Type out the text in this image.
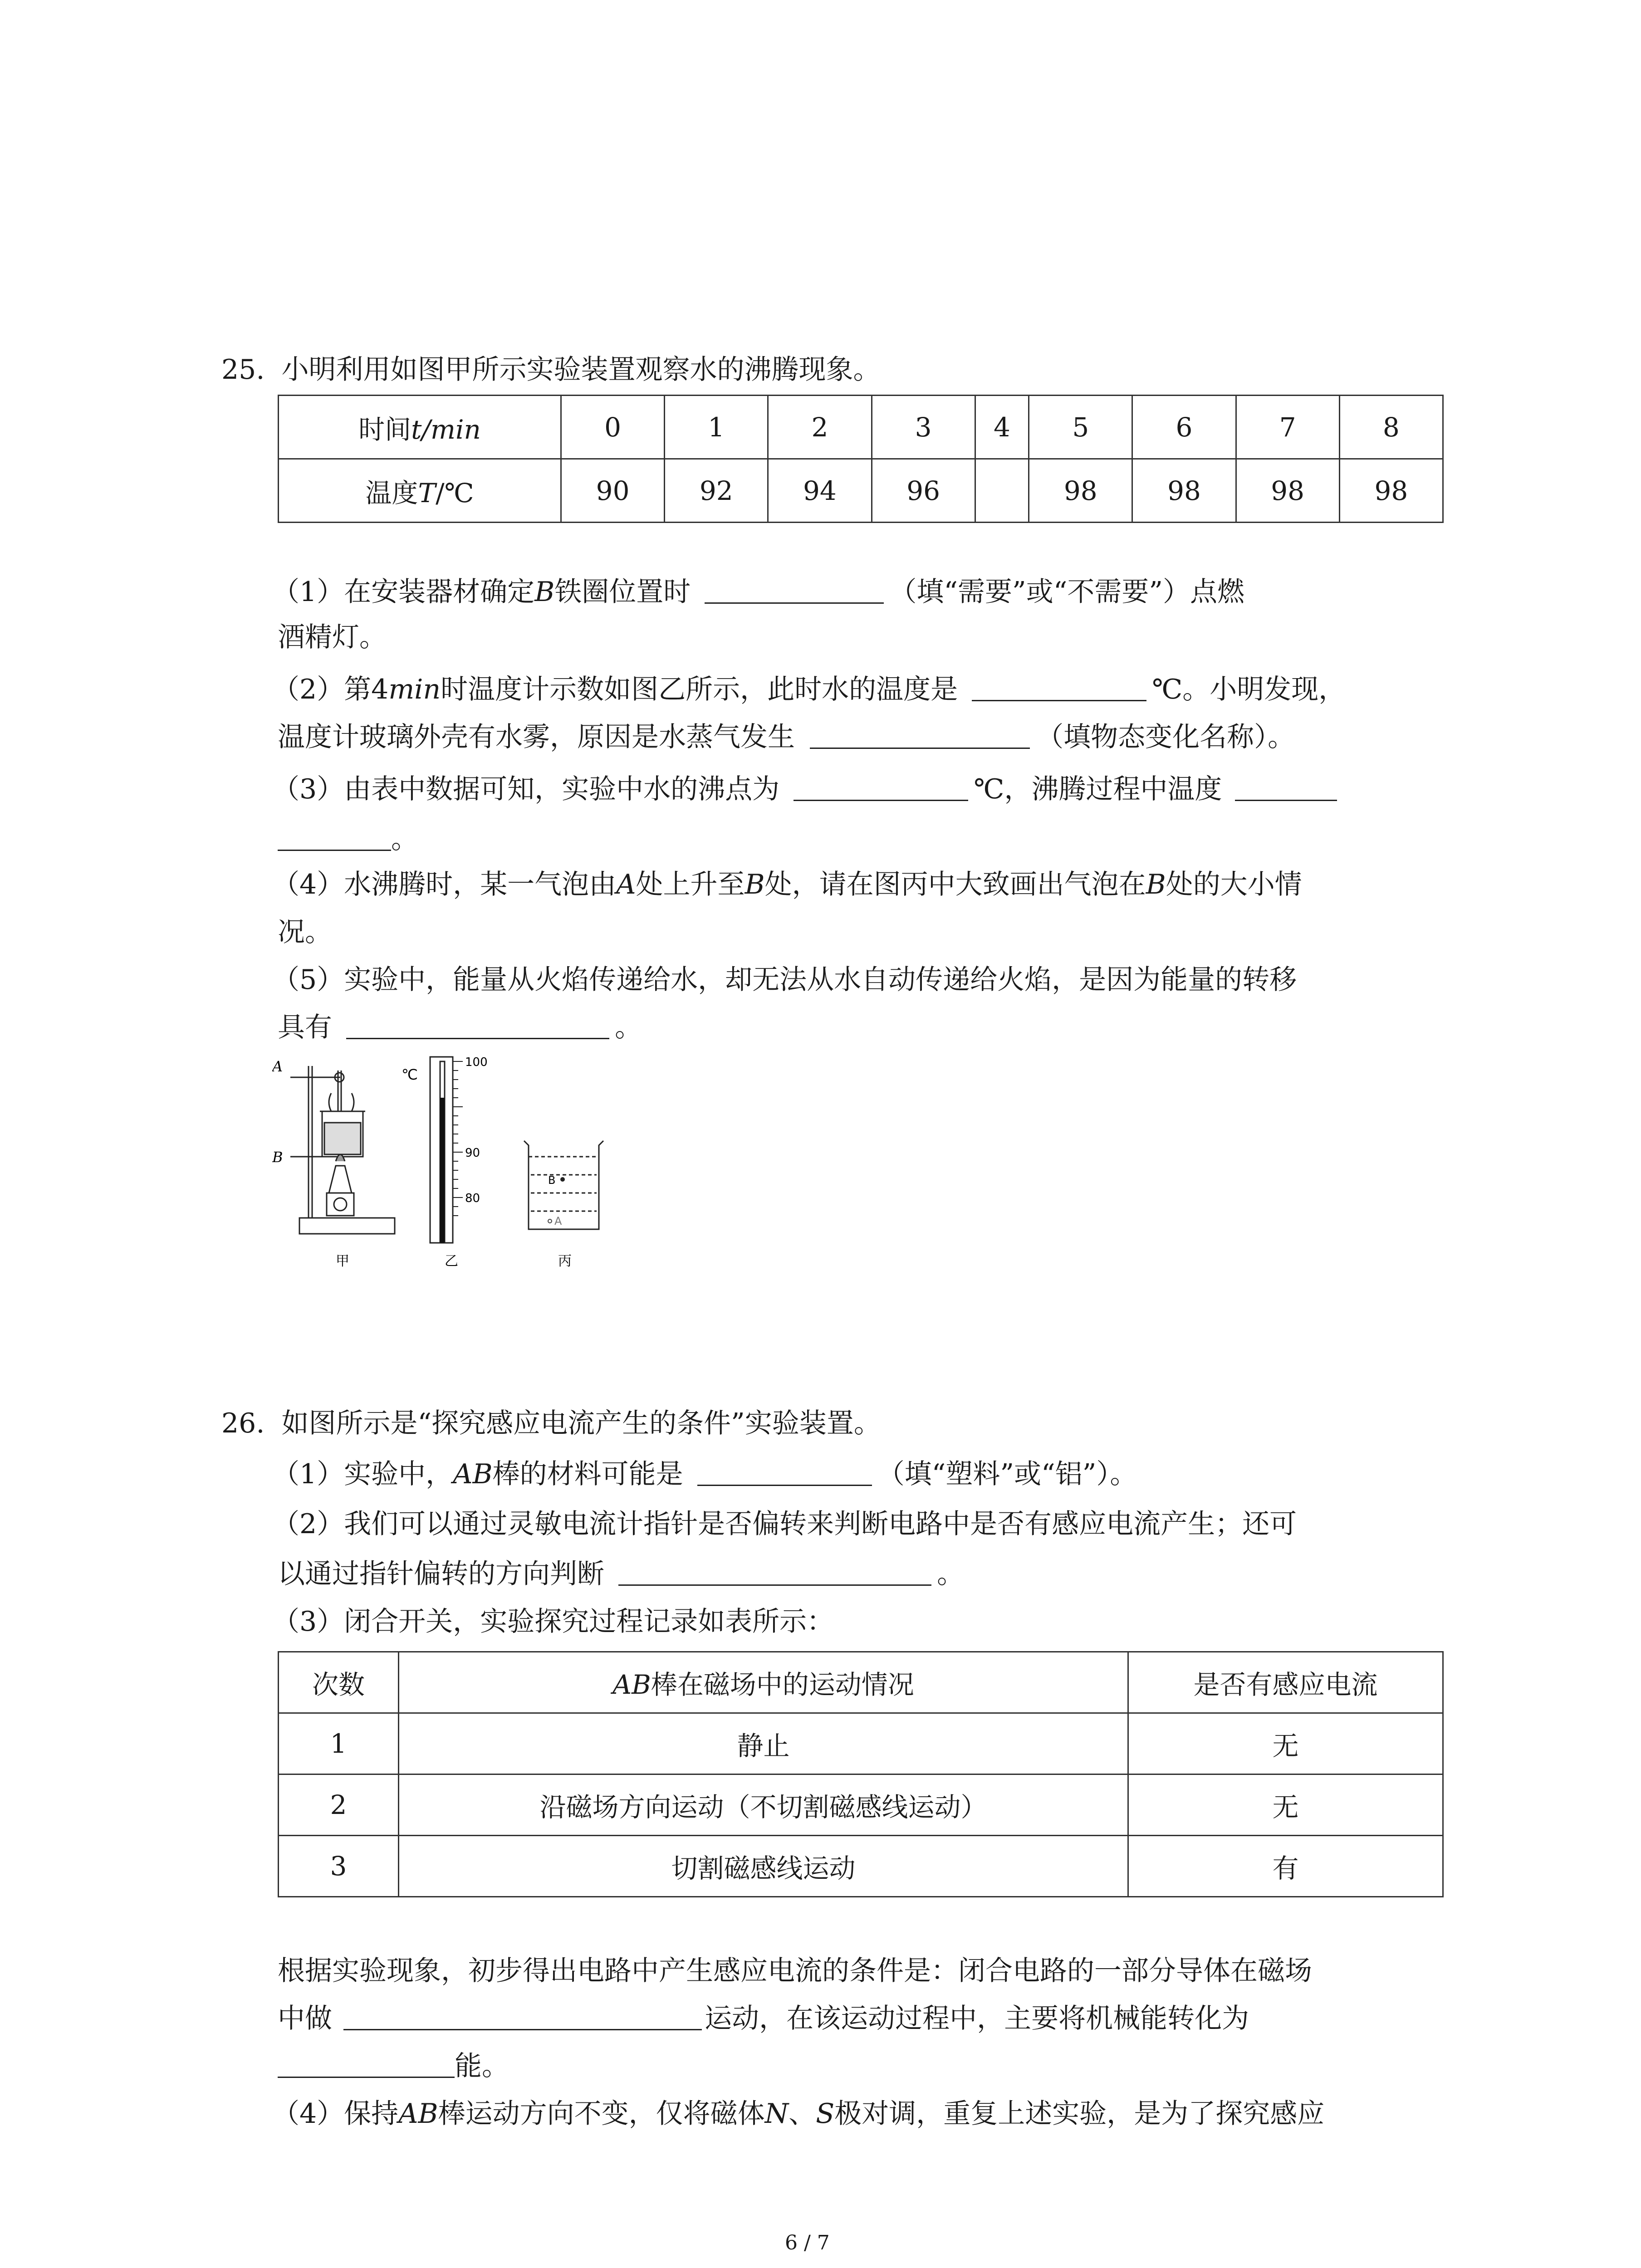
25. 小明利用如图甲所示实验装置观察水的沸腾现象。
时间t/min	0	1	2	3	4	5	6	7	8
温度T/℃	90	92	94	96		98	98	98	98
（1）在安装器材确定B铁圈位置时	（填“需要”或“不需要”）点燃
酒精灯。
（2）第4min时温度计示数如图乙所示，此时水的温度是	℃。小明发现，
温度计玻璃外壳有水雾，原因是水蒸气发生	（填物态变化名称）。
（3）由表中数据可知，实验中水的沸点为	℃，沸腾过程中温度
。
（4）水沸腾时，某一气泡由A处上升至B处，请在图丙中大致画出气泡在B处的大小情
况。
（5）实验中，能量从火焰传递给水，却无法从水自动传递给火焰，是因为能量的转移
具有	。
A
B
℃
100
90
80
B
A
甲	乙	丙
26. 如图所示是“探究感应电流产生的条件”实验装置。
（1）实验中，AB棒的材料可能是	（填“塑料”或“铝”）。
（2）我们可以通过灵敏电流计指针是否偏转来判断电路中是否有感应电流产生；还可
以通过指针偏转的方向判断	。
（3）闭合开关，实验探究过程记录如表所示：
次数	AB棒在磁场中的运动情况	是否有感应电流
1	静止	无
2	沿磁场方向运动（不切割磁感线运动）	无
3	切割磁感线运动	有
根据实验现象，初步得出电路中产生感应电流的条件是：闭合电路的一部分导体在磁场
中做	运动，在该运动过程中，主要将机械能转化为
能。
（4）保持AB棒运动方向不变，仅将磁体N、S极对调，重复上述实验，是为了探究感应
6 / 7
